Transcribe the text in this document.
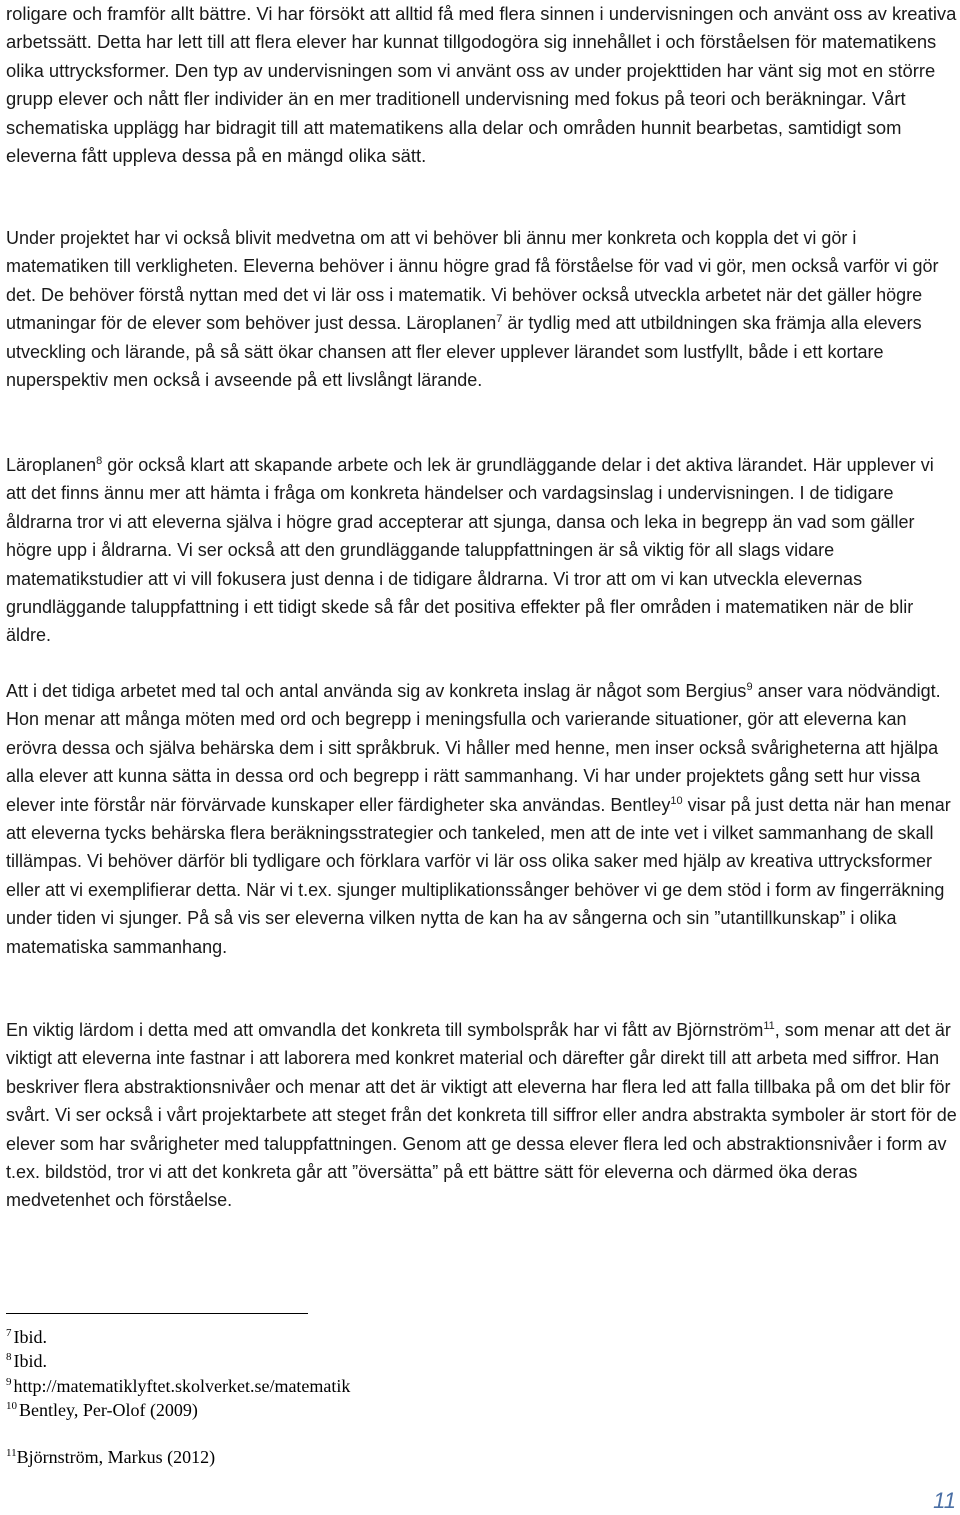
roligare och framför allt bättre. Vi har försökt att alltid få med flera sinnen i undervisningen och använt oss av kreativa arbetssätt. Detta har lett till att flera elever har kunnat tillgodogöra sig innehållet i och förståelsen för matematikens olika uttrycksformer. Den typ av undervisningen som vi använt oss av under projekttiden har vänt sig mot en större grupp elever och nått fler individer än en mer traditionell undervisning med fokus på teori och beräkningar. Vårt schematiska upplägg har bidragit till att matematikens alla delar och områden hunnit bearbetas, samtidigt som eleverna fått uppleva dessa på en mängd olika sätt.

Under projektet har vi också blivit medvetna om att vi behöver bli ännu mer konkreta och koppla det vi gör i matematiken till verkligheten. Eleverna behöver i ännu högre grad få förståelse för vad vi gör, men också varför vi gör det. De behöver förstå nyttan med det vi lär oss i matematik. Vi behöver också utveckla arbetet när det gäller högre utmaningar för de elever som behöver just dessa. Läroplanen$^7$ är tydlig med att utbildningen ska främja alla elevers utveckling och lärande, på så sätt ökar chansen att fler elever upplever lärandet som lustfyllt, både i ett kortare nuperspektiv men också i avseende på ett livslångt lärande.

Läroplanen$^8$ gör också klart att skapande arbete och lek är grundläggande delar i det aktiva lärandet. Här upplever vi att det finns ännu mer att hämta i fråga om konkreta händelser och vardagsinslag i undervisningen. I de tidigare åldrarna tror vi att eleverna själva i högre grad accepterar att sjunga, dansa och leka in begrepp än vad som gäller högre upp i åldrarna. Vi ser också att den grundläggande taluppfattningen är så viktig för all slags vidare matematikstudier att vi vill fokusera just denna i de tidigare åldrarna. Vi tror att om vi kan utveckla elevernas grundläggande taluppfattning i ett tidigt skede så får det positiva effekter på fler områden i matematiken när de blir äldre.

Att i det tidiga arbetet med tal och antal använda sig av konkreta inslag är något som Bergius$^9$ anser vara nödvändigt. Hon menar att många möten med ord och begrepp i meningsfulla och varierande situationer, gör att eleverna kan erövra dessa och själva behärska dem i sitt språkbruk. Vi håller med henne, men inser också svårigheterna att hjälpa alla elever att kunna sätta in dessa ord och begrepp i rätt sammanhang. Vi har under projektets gång sett hur vissa elever inte förstår när förvärvade kunskaper eller färdigheter ska användas. Bentley$^{10}$ visar på just detta när han menar att eleverna tycks behärska flera beräkningsstrategier och tankeled, men att de inte vet i vilket sammanhang de skall tillämpas. Vi behöver därför bli tydligare och förklara varför vi lär oss olika saker med hjälp av kreativa uttrycksformer eller att vi exemplifierar detta. När vi t.ex. sjunger multiplikationssånger behöver vi ge dem stöd i form av fingerräkning under tiden vi sjunger. På så vis ser eleverna vilken nytta de kan ha av sångerna och sin ”utantillkunskap” i olika matematiska sammanhang.

En viktig lärdom i detta med att omvandla det konkreta till symbolspråk har vi fått av Björnström$^{11}$, som menar att det är viktigt att eleverna inte fastnar i att laborera med konkret material och därefter går direkt till att arbeta med siffror. Han beskriver flera abstraktionsnivåer och menar att det är viktigt att eleverna har flera led att falla tillbaka på om det blir för svårt. Vi ser också i vårt projektarbete att steget från det konkreta till siffror eller andra abstrakta symboler är stort för de elever som har svårigheter med taluppfattningen. Genom att ge dessa elever flera led och abstraktionsnivåer i form av t.ex. bildstöd, tror vi att det konkreta går att ”översätta” på ett bättre sätt för eleverna och därmed öka deras medvetenhet och förståelse.

$^7$ Ibid.

$^8$ Ibid.

$^9$ http://matematiklyftet.skolverket.se/matematik

$^{10}$ Bentley, Per-Olof (2009)

$^{11}$Björnström, Markus (2012)

11
